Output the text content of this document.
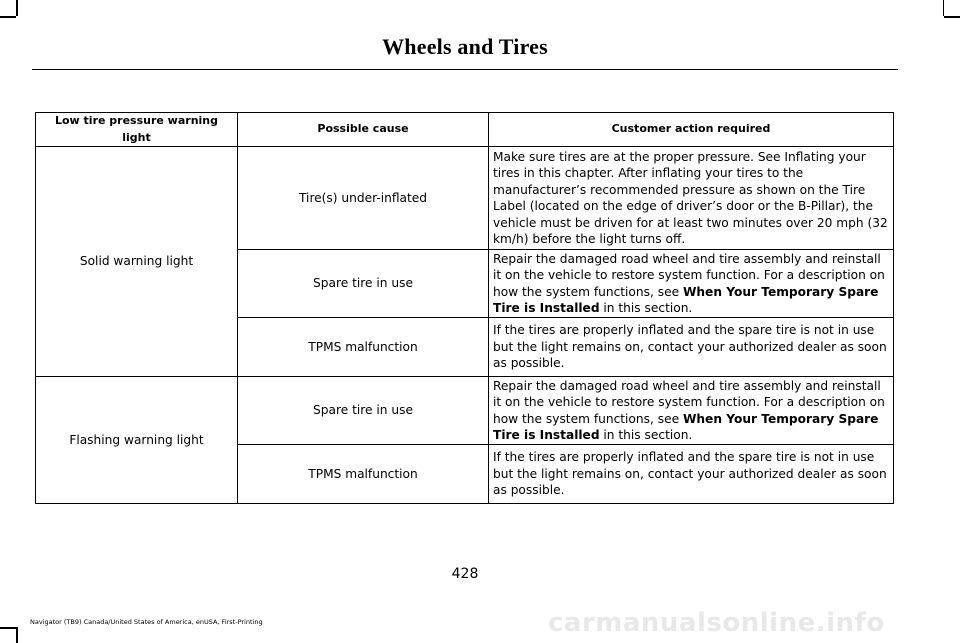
Wheels and Tires
Low tire pressure warning light	Possible cause	Customer action required
Solid warning light	Tire(s) under-inflated	Make sure tires are at the proper pressure. See Inflating your tires in this chapter. After inflating your tires to the manufacturer’s recommended pressure as shown on the Tire Label (located on the edge of driver’s door or the B-Pillar), the vehicle must be driven for at least two minutes over 20 mph (32 km/h) before the light turns off.
	Spare tire in use	Repair the damaged road wheel and tire assembly and reinstall it on the vehicle to restore system function. For a description on how the system functions, see When Your Temporary Spare Tire is Installed in this section.
	TPMS malfunction	If the tires are properly inflated and the spare tire is not in use but the light remains on, contact your authorized dealer as soon as possible.
Flashing warning light	Spare tire in use	Repair the damaged road wheel and tire assembly and reinstall it on the vehicle to restore system function. For a description on how the system functions, see When Your Temporary Spare Tire is Installed in this section.
	TPMS malfunction	If the tires are properly inflated and the spare tire is not in use but the light remains on, contact your authorized dealer as soon as possible.
428
Navigator (TB9) Canada/United States of America, enUSA, First-Printing	carmanualsonline.info
